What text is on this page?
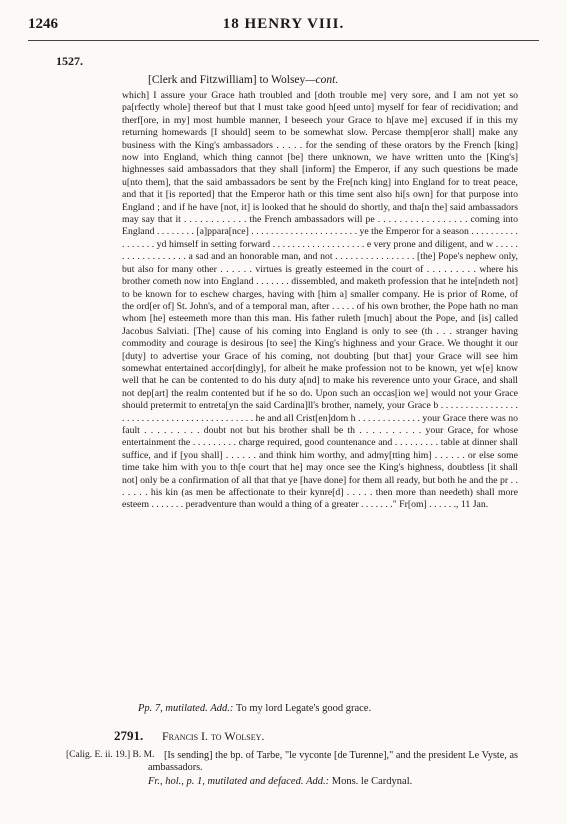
1246	18 HENRY VIII.
1527.
[Clerk and Fitzwilliam] to Wolsey—cont.

which] I assure your Grace hath troubled and [doth trouble me] very sore, and I am not yet so pa[rfectly whole] thereof but that I must take good h[eed unto] myself for fear of recidivation; and therf[ore, in my] most humble manner, I beseech your Grace to h[ave me] excused if in this my returning homewards [I should] seem to be somewhat slow. Percase themp[eror shall] make any business with the King's ambassadors . . . . . for the sending of these orators by the French [king] now into England, which thing cannot [be] there unknown, we have written unto the [King's] highnesses said ambassadors that they shall [inform] the Emperor, if any such questions be made u[nto them], that the said ambassadors be sent by the Fre[nch king] into England for to treat peace, and that it [is reported] that the Emperor hath or this time sent also hi[s own] for that purpose into England ; and if he have [not, it] is looked that he should do shortly, and tha[n the] said ambassadors may say that it . . . . . . . . . . . . the French ambassadors will pe . . . . . . . . . . . . . . . . . coming into England . . . . . . . . [a]ppara[nce] . . . . . . . . . . . . . . . . . . . . . . ye the Emperor for a season . . . . . . . . . . . . . . . . . yd himself in setting forward . . . . . . . . . . . . . . . . . . . e very prone and diligent, and w . . . . . . . . . . . . . . . . . . a sad and an honorable man, and not . . . . . . . . . . . . . . . . [the] Pope's nephew only, but also for many other . . . . . . virtues is greatly esteemed in the court of . . . . . . . . . where his brother cometh now into England . . . . . . . dissembled, and maketh profession that he inte[ndeth not] to be known for to eschew charges, having with [him a] smaller company. He is prior of Rome, of the ord[er of] St. John's, and of a temporal man, after . . . . . of his own brother, the Pope hath no man whom [he] esteemeth more than this man. His father ruleth [much] about the Pope, and [is] called Jacobus Salviati. [The] cause of his coming into England is only to see (th . . . stranger having commodity and courage is desirous [to see] the King's highness and your Grace. We thought it our [duty] to advertise your Grace of his coming, not doubting [but that] your Grace will see him somewhat entertained accor[dingly], for albeit he make profession not to be known, yet w[e] know well that he can be contented to do his duty a[nd] to make his reverence unto your Grace, and shall not dep[art] the realm contented but if he so do. Upon such an occas[ion we] would not your Grace should pretermit to entreta[yn the said Cardina]ll's brother, namely, your Grace b . . . . . . . . . . . . . . . . . . . . . . . . . . . . . . . . . . . . . . . . . . . he and all Crist[en]dom h . . . . . . . . . . . . . your Grace there was no fault . . . . . . . . . doubt not but his brother shall be th . . . . . . . . . . your Grace, for whose entertainment the . . . . . . . . . charge required, good countenance and . . . . . . . . . table at dinner shall suffice, and if [you shall] . . . . . . and think him worthy, and admy[tting him] . . . . . . or else some time take him with you to th[e court that he] may once see the King's highness, doubtless [it shall not] only be a confirmation of all that that ye [have done] for them all ready, but both he and the pr . . . . . . . his kin (as men be affectionate to their kynre[d] . . . . . then more than needeth) shall more esteem . . . . . . . peradventure than would a thing of a greater . . . . . . ." Fr[om] . . . . . ., 11 Jan.

Pp. 7, mutilated. Add.: To my lord Legate's good grace.
2791. Francis I. to Wolsey.
[Calig. E. ii. 19.] B. M. [Is sending] the bp. of Tarbe, "le vyconte [de Turenne]," and the president Le Vyste, as ambassadors.
Fr., hol., p. 1, mutilated and defaced. Add.: Mons. le Cardynal.
